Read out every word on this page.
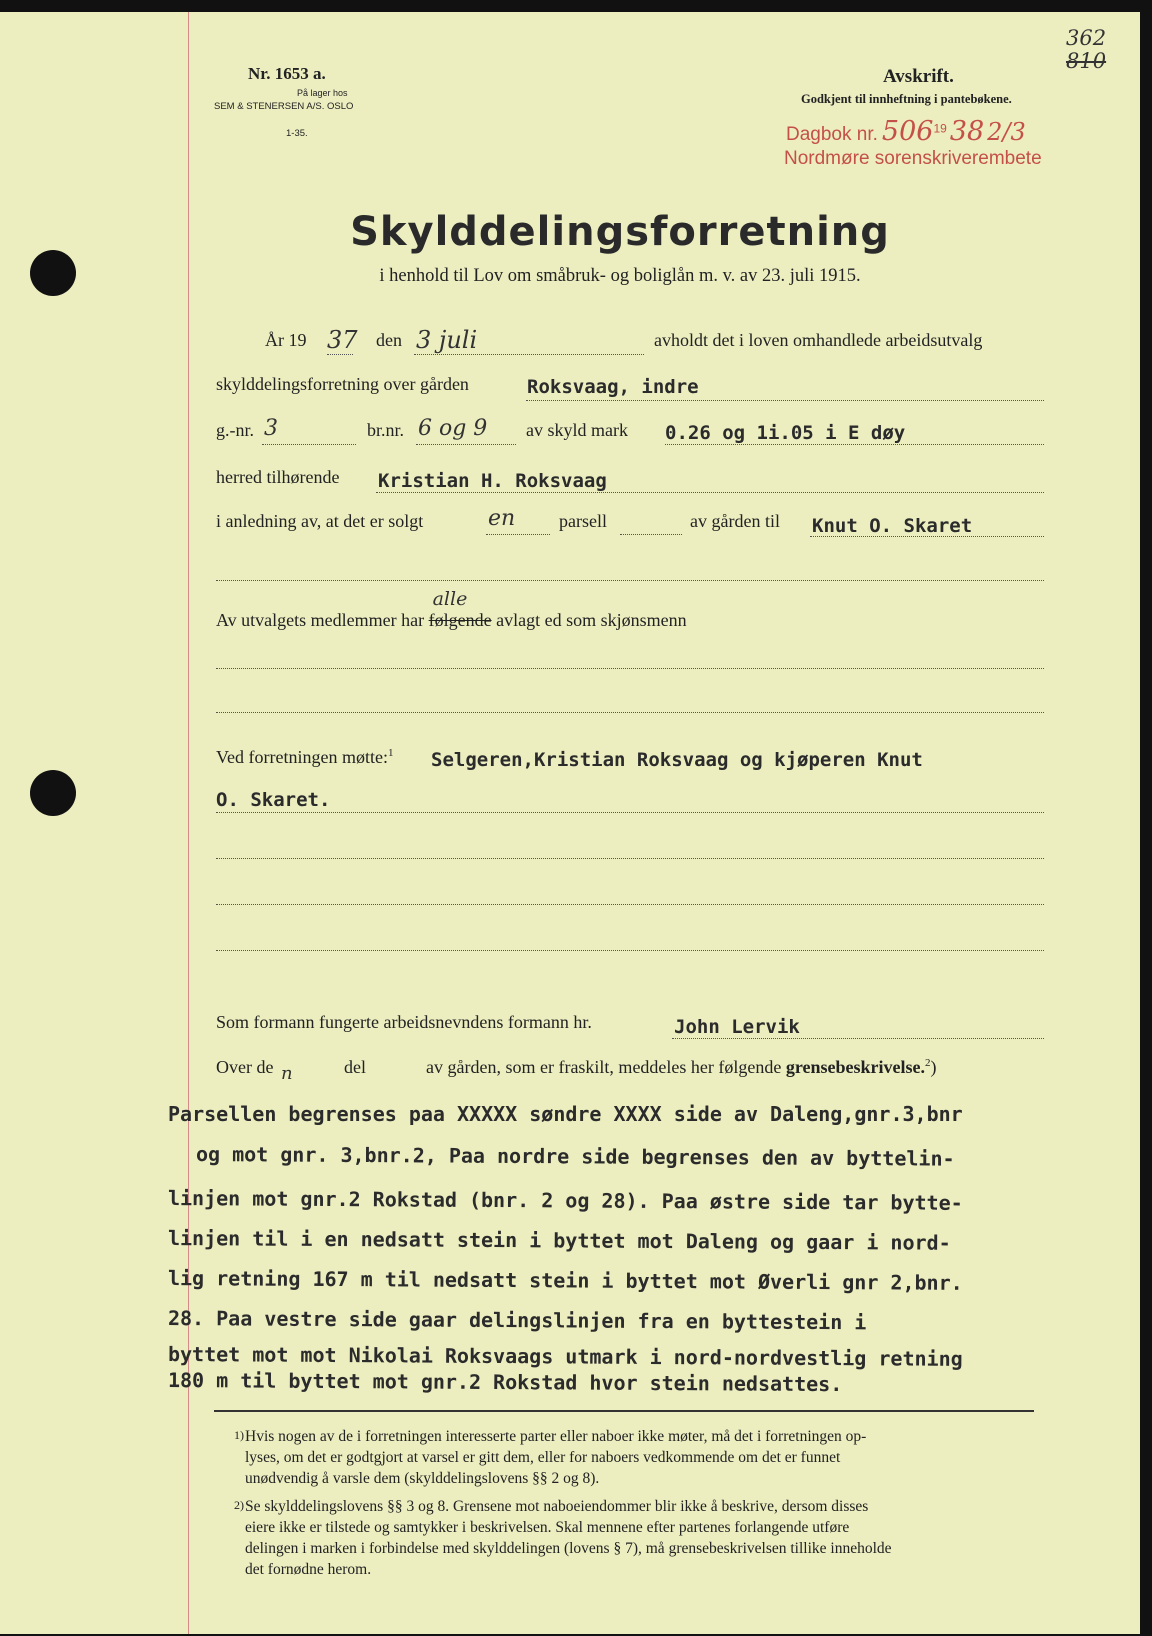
Nr. 1653 a.
På lager hos
SEM & STENERSEN A/S. OSLO
1-35.
362
810
Avskrift.
Godkjent til innheftning i pantebøkene.
Dagbok nr. $506^{19}$ 38 2/3
Nordmøre sorenskriverembete
Skylddelingsforretning
i henhold til Lov om småbruk- og boliglån m. v. av 23. juli 1915.
År 19 37 den 3 juli	avholdt det i loven omhandlede arbeidsutvalg
skylddelingsforretning over gården	Roksvaag, indre
g.-nr. 3	br.nr. 6 og 9 av skyld mark 0.26 og 1i.05 i E døy
herred tilhørende Kristian H. Roksvaag
i anledning av, at det er solgt	en parsell	av gården til Knut O. Skaret
Av utvalgets medlemmer har
alle
følgende avlagt ed som skjønsmenn
Ved forretningen møtte:$^1$ Selgeren,Kristian Roksvaag og kjøperen Knut
O. Skaret.
Som formann fungerte arbeidsnevndens formann hr.	John Lervik
Over de n	del	av gården, som er fraskilt, meddeles her følgende grensebeskrivelse.$^2$)
Parsellen begrenses paa XXXXX søndre XXXX side av Daleng,gnr.3,bnr
og mot gnr. 3,bnr.2, Paa nordre side begrenses den av byttelin-
linjen mot gnr.2 Rokstad (bnr. 2 og 28). Paa østre side tar bytte-
linjen til i en nedsatt stein i byttet mot Daleng og gaar i nord-
lig retning 167 m til nedsatt stein i byttet mot Øverli gnr 2,bnr.
28. Paa vestre side gaar delingslinjen fra en byttestein i
byttet mot mot Nikolai Roksvaags utmark i nord-nordvestlig retning
180 m til byttet mot gnr.2 Rokstad hvor stein nedsattes.
1) Hvis nogen av de i forretningen interesserte parter eller naboer ikke møter, må det i forretningen op-
lyses, om det er godtgjort at varsel er gitt dem, eller for naboers vedkommende om det er funnet
unødvendig å varsle dem (skylddelingslovens §§ 2 og 8).
2) Se skylddelingslovens §§ 3 og 8. Grensene mot naboeiendommer blir ikke å beskrive, dersom disses
eiere ikke er tilstede og samtykker i beskrivelsen. Skal mennene efter partenes forlangende utføre
delingen i marken i forbindelse med skylddelingen (lovens § 7), må grensebeskrivelsen tillike inneholde
det fornødne herom.
